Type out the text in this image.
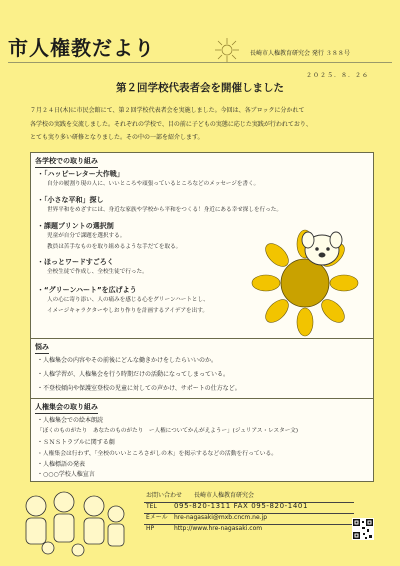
市人権教だより	長崎市人権教育研究会 発行 ３８８号
２０２５．８．２６
第２回学校代表者会を開催しました

７月２４日(木)に市民会館にて、第２回学校代表者会を実施しました。今回は、各ブロックに分かれて

各学校の実践を交流しました。それぞれの学校で、目の前に子どもの実態に応じた実践が行われており、

とても実り多い研修となりました。その中の一部を紹介します。

各学校での取り組み
・「ハッピーレター大作戦」
自分の履割り現の人に、いいところや頑張っているところなどのメッセージを書く。
・「小さな平和」探し
世界平和をめざすには、身近な家族や学校から平和をつくる！身近にある幸せ探しを行った。
・課題プリントの選択制
児童が自分で課題を選択する。
教員は苦手なものを取り組めるような手だてを取る。
・ほっとワードすごろく
全校生徒で作成し、全校生徒で行った。
・“グリーンハート”を広げよう
人の心に寄り添い、人の痛みを感じる心をグリーンハートとし、
イメージキャラクターやしおり作りを計画するアイデアを出す。
悩み
・人権集会の内容やその前後にどんな働きかけをしたらいいのか。
・人権学習が、人権集会を行う時期だけの活動になってしまっている。
・不登校傾向や保護室登校の児童に対しての声かけ、サポートの仕方など。
人権集会の取り組み
・人権集会での絵本朗読
「ぼくのものがたり　あなたのものがたり　ー人権についてかんがえようー」(ジュリアス・レスター文)
・ＳＮＳトラブルに関する劇
・人権集会は行わず、「全校のいいところさがしの木」を掲示するなどの活動を行っている。
・人権標語の発表
・○○○学校人権宣言
お問い合わせ　　長崎市人権教育研究会
TEL 095-820-1311 FAX 095-820-1401
Eメール hre-nagasaki@mxb.cncm.ne.jp
HP	http://www.hre-nagasaki.com
